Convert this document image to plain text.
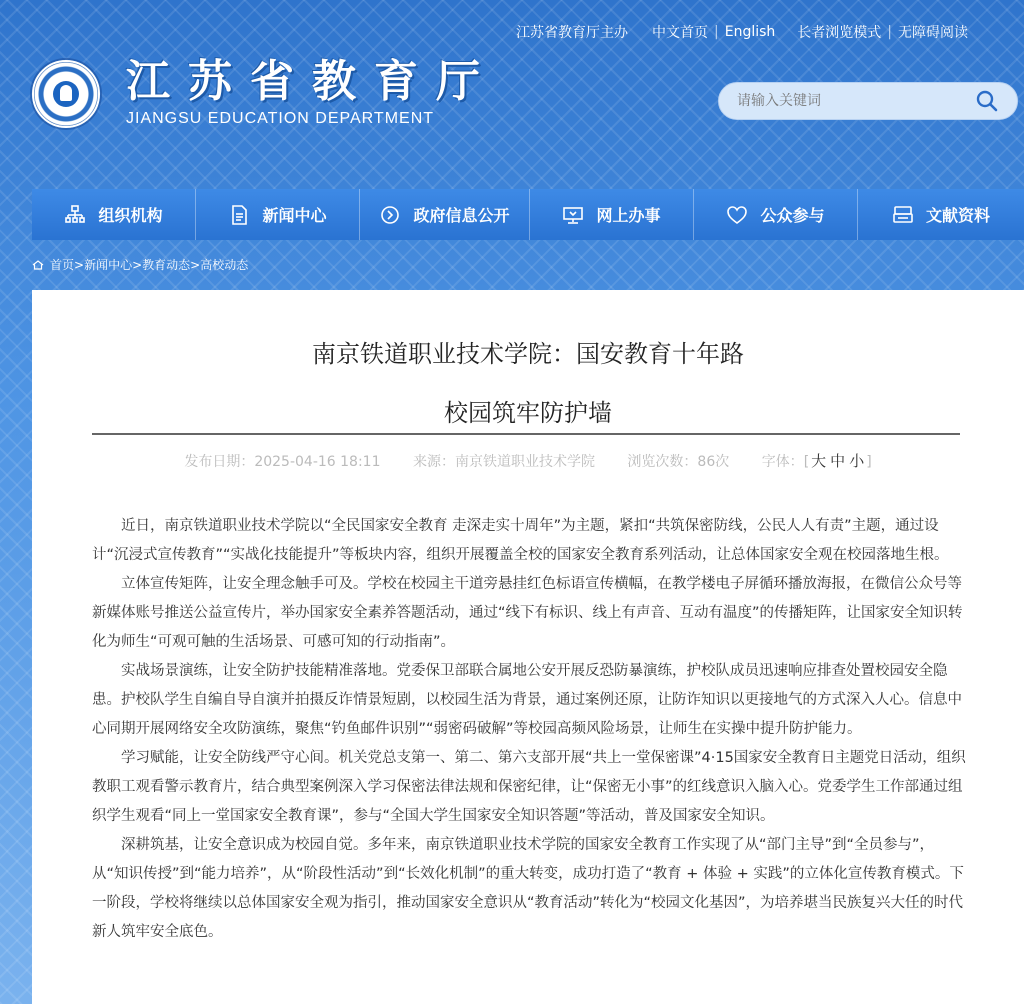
江苏省教育厅主办 中文首页 | English 长者浏览模式 | 无障碍阅读
江苏省教育厅
JIANGSU EDUCATION DEPARTMENT
请输入关键词
组织机构	新闻中心	政府信息公开	网上办事	公众参与	文献资料
首页 > 新闻中心 > 教育动态 > 高校动态
南京铁道职业技术学院：国安教育十年路
校园筑牢防护墙
发布日期：2025-04-16 18:11 来源：南京铁道职业技术学院 浏览次数：86次 字体：[ 大 中 小 ]

近日，南京铁道职业技术学院以“全民国家安全教育 走深走实十周年”为主题，紧扣“共筑保密防线，公民人人有责”主题，通过设计“沉浸式宣传教育”“实战化技能提升”等板块内容，组织开展覆盖全校的国家安全教育系列活动，让总体国家安全观在校园落地生根。

立体宣传矩阵，让安全理念触手可及。学校在校园主干道旁悬挂红色标语宣传横幅，在教学楼电子屏循环播放海报，在微信公众号等新媒体账号推送公益宣传片，举办国家安全素养答题活动，通过“线下有标识、线上有声音、互动有温度”的传播矩阵，让国家安全知识转化为师生“可观可触的生活场景、可感可知的行动指南”。

实战场景演练，让安全防护技能精准落地。党委保卫部联合属地公安开展反恐防暴演练，护校队成员迅速响应排查处置校园安全隐患。护校队学生自编自导自演并拍摄反诈情景短剧，以校园生活为背景，通过案例还原，让防诈知识以更接地气的方式深入人心。信息中心同期开展网络安全攻防演练，聚焦“钓鱼邮件识别”“弱密码破解”等校园高频风险场景，让师生在实操中提升防护能力。

学习赋能，让安全防线严守心间。机关党总支第一、第二、第六支部开展“共上一堂保密课”4·15国家安全教育日主题党日活动，组织教职工观看警示教育片，结合典型案例深入学习保密法律法规和保密纪律，让“保密无小事”的红线意识入脑入心。党委学生工作部通过组织学生观看“同上一堂国家安全教育课”，参与“全国大学生国家安全知识答题”等活动，普及国家安全知识。

深耕筑基，让安全意识成为校园自觉。多年来，南京铁道职业技术学院的国家安全教育工作实现了从“部门主导”到“全员参与”，从“知识传授”到“能力培养”，从“阶段性活动”到“长效化机制”的重大转变，成功打造了“教育 + 体验 + 实践”的立体化宣传教育模式。下一阶段，学校将继续以总体国家安全观为指引，推动国家安全意识从“教育活动”转化为“校园文化基因”，为培养堪当民族复兴大任的时代新人筑牢安全底色。
